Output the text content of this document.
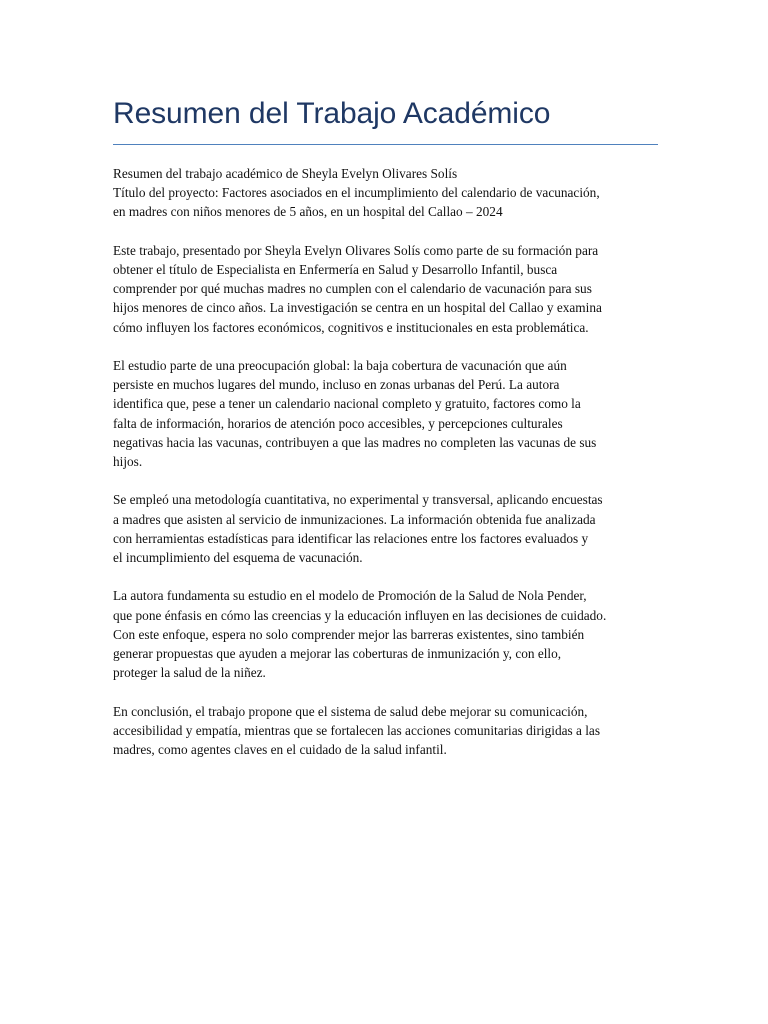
Resumen del Trabajo Académico
Resumen del trabajo académico de Sheyla Evelyn Olivares Solís
Título del proyecto: Factores asociados en el incumplimiento del calendario de vacunación,
en madres con niños menores de 5 años, en un hospital del Callao – 2024

Este trabajo, presentado por Sheyla Evelyn Olivares Solís como parte de su formación para
obtener el título de Especialista en Enfermería en Salud y Desarrollo Infantil, busca
comprender por qué muchas madres no cumplen con el calendario de vacunación para sus
hijos menores de cinco años. La investigación se centra en un hospital del Callao y examina
cómo influyen los factores económicos, cognitivos e institucionales en esta problemática.

El estudio parte de una preocupación global: la baja cobertura de vacunación que aún
persiste en muchos lugares del mundo, incluso en zonas urbanas del Perú. La autora
identifica que, pese a tener un calendario nacional completo y gratuito, factores como la
falta de información, horarios de atención poco accesibles, y percepciones culturales
negativas hacia las vacunas, contribuyen a que las madres no completen las vacunas de sus
hijos.

Se empleó una metodología cuantitativa, no experimental y transversal, aplicando encuestas
a madres que asisten al servicio de inmunizaciones. La información obtenida fue analizada
con herramientas estadísticas para identificar las relaciones entre los factores evaluados y
el incumplimiento del esquema de vacunación.

La autora fundamenta su estudio en el modelo de Promoción de la Salud de Nola Pender,
que pone énfasis en cómo las creencias y la educación influyen en las decisiones de cuidado.
Con este enfoque, espera no solo comprender mejor las barreras existentes, sino también
generar propuestas que ayuden a mejorar las coberturas de inmunización y, con ello,
proteger la salud de la niñez.

En conclusión, el trabajo propone que el sistema de salud debe mejorar su comunicación,
accesibilidad y empatía, mientras que se fortalecen las acciones comunitarias dirigidas a las
madres, como agentes claves en el cuidado de la salud infantil.
